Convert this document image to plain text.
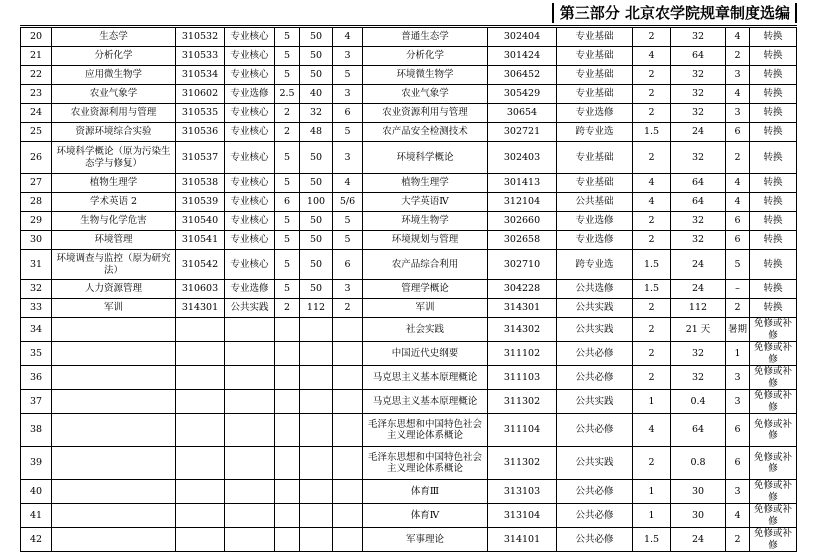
第三部分 北京农学院规章制度选编
20	生态学	310532	专业核心	5	50	4	普通生态学	302404	专业基础	2	32	4	转换
21	分析化学	310533	专业核心	5	50	3	分析化学	301424	专业基础	4	64	2	转换
22	应用微生物学	310534	专业核心	5	50	5	环境微生物学	306452	专业基础	2	32	3	转换
23	农业气象学	310602	专业选修	2.5	40	3	农业气象学	305429	专业基础	2	32	4	转换
24	农业资源利用与管理	310535	专业核心	2	32	6	农业资源利用与管理	30654	专业选修	2	32	3	转换
25	资源环境综合实验	310536	专业核心	2	48	5	农产品安全检测技术	302721	跨专业选	1.5	24	6	转换
26	环境科学概论（原为污染生态学与修复）	310537	专业核心	5	50	3	环境科学概论	302403	专业基础	2	32	2	转换
27	植物生理学	310538	专业核心	5	50	4	植物生理学	301413	专业基础	4	64	4	转换
28	学术英语 2	310539	专业核心	6	100	5/6	大学英语Ⅳ	312104	公共基础	4	64	4	转换
29	生物与化学危害	310540	专业核心	5	50	5	环境生物学	302660	专业选修	2	32	6	转换
30	环境管理	310541	专业核心	5	50	5	环境规划与管理	302658	专业选修	2	32	6	转换
31	环境调查与监控（原为研究法）	310542	专业核心	5	50	6	农产品综合利用	302710	跨专业选	1.5	24	5	转换
32	人力资源管理	310603	专业选修	5	50	3	管理学概论	304228	公共选修	1.5	24	–	转换
33	军训	314301	公共实践	2	112	2	军训	314301	公共实践	2	112	2	转换
34							社会实践	314302	公共实践	2	21 天	暑期	免修或补修
35							中国近代史纲要	311102	公共必修	2	32	1	免修或补修
36							马克思主义基本原理概论	311103	公共必修	2	32	3	免修或补修
37							马克思主义基本原理概论	311302	公共实践	1	0.4	3	免修或补修
38							毛泽东思想和中国特色社会主义理论体系概论	311104	公共必修	4	64	6	免修或补修
39							毛泽东思想和中国特色社会主义理论体系概论	311302	公共实践	2	0.8	6	免修或补修
40							体育Ⅲ	313103	公共必修	1	30	3	免修或补修
41							体育Ⅳ	313104	公共必修	1	30	4	免修或补修
42							军事理论	314101	公共必修	1.5	24	2	免修或补修
